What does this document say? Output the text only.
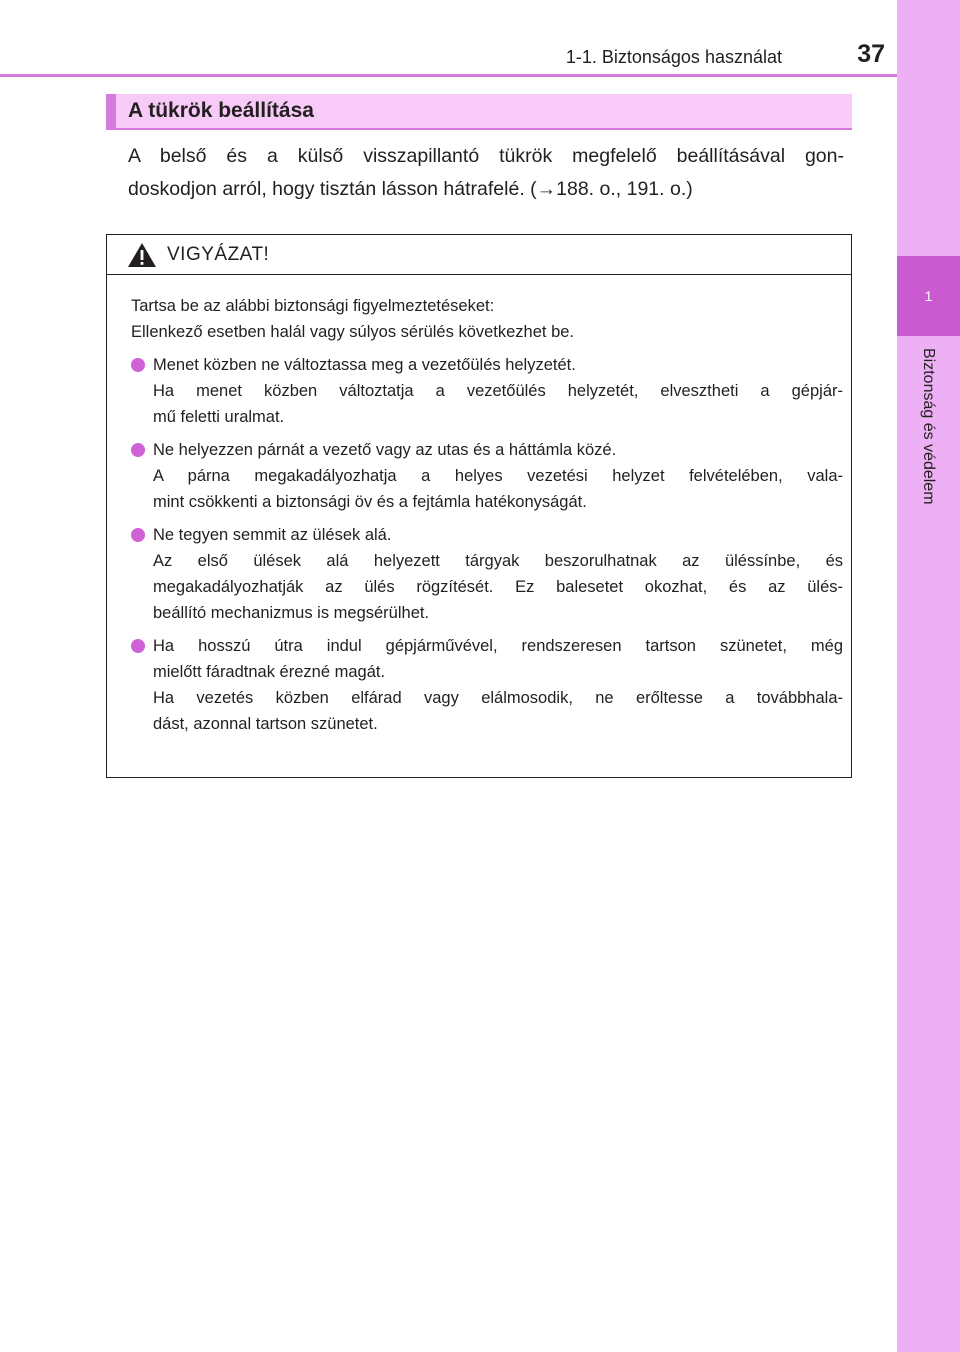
1
Biztonság és védelem
1-1. Biztonságos használat	37
A tükrök beállítása
A belső és a külső visszapillantó tükrök megfelelő beállításával gon-
doskodjon arról, hogy tisztán lásson hátrafelé. (→188. o., 191. o.)
VIGYÁZAT!
Tartsa be az alábbi biztonsági figyelmeztetéseket:
Ellenkező esetben halál vagy súlyos sérülés következhet be.
Menet közben ne változtassa meg a vezetőülés helyzetét.
Ha menet közben változtatja a vezetőülés helyzetét, elvesztheti a gépjár-
mű feletti uralmat.
Ne helyezzen párnát a vezető vagy az utas és a háttámla közé.
A párna megakadályozhatja a helyes vezetési helyzet felvételében, vala-
mint csökkenti a biztonsági öv és a fejtámla hatékonyságát.
Ne tegyen semmit az ülések alá.
Az első ülések alá helyezett tárgyak beszorulhatnak az üléssínbe, és
megakadályozhatják az ülés rögzítését. Ez balesetet okozhat, és az ülés-
beállító mechanizmus is megsérülhet.
Ha hosszú útra indul gépjárművével, rendszeresen tartson szünetet, még
mielőtt fáradtnak érezné magát.
Ha vezetés közben elfárad vagy elálmosodik, ne erőltesse a továbbhala-
dást, azonnal tartson szünetet.
